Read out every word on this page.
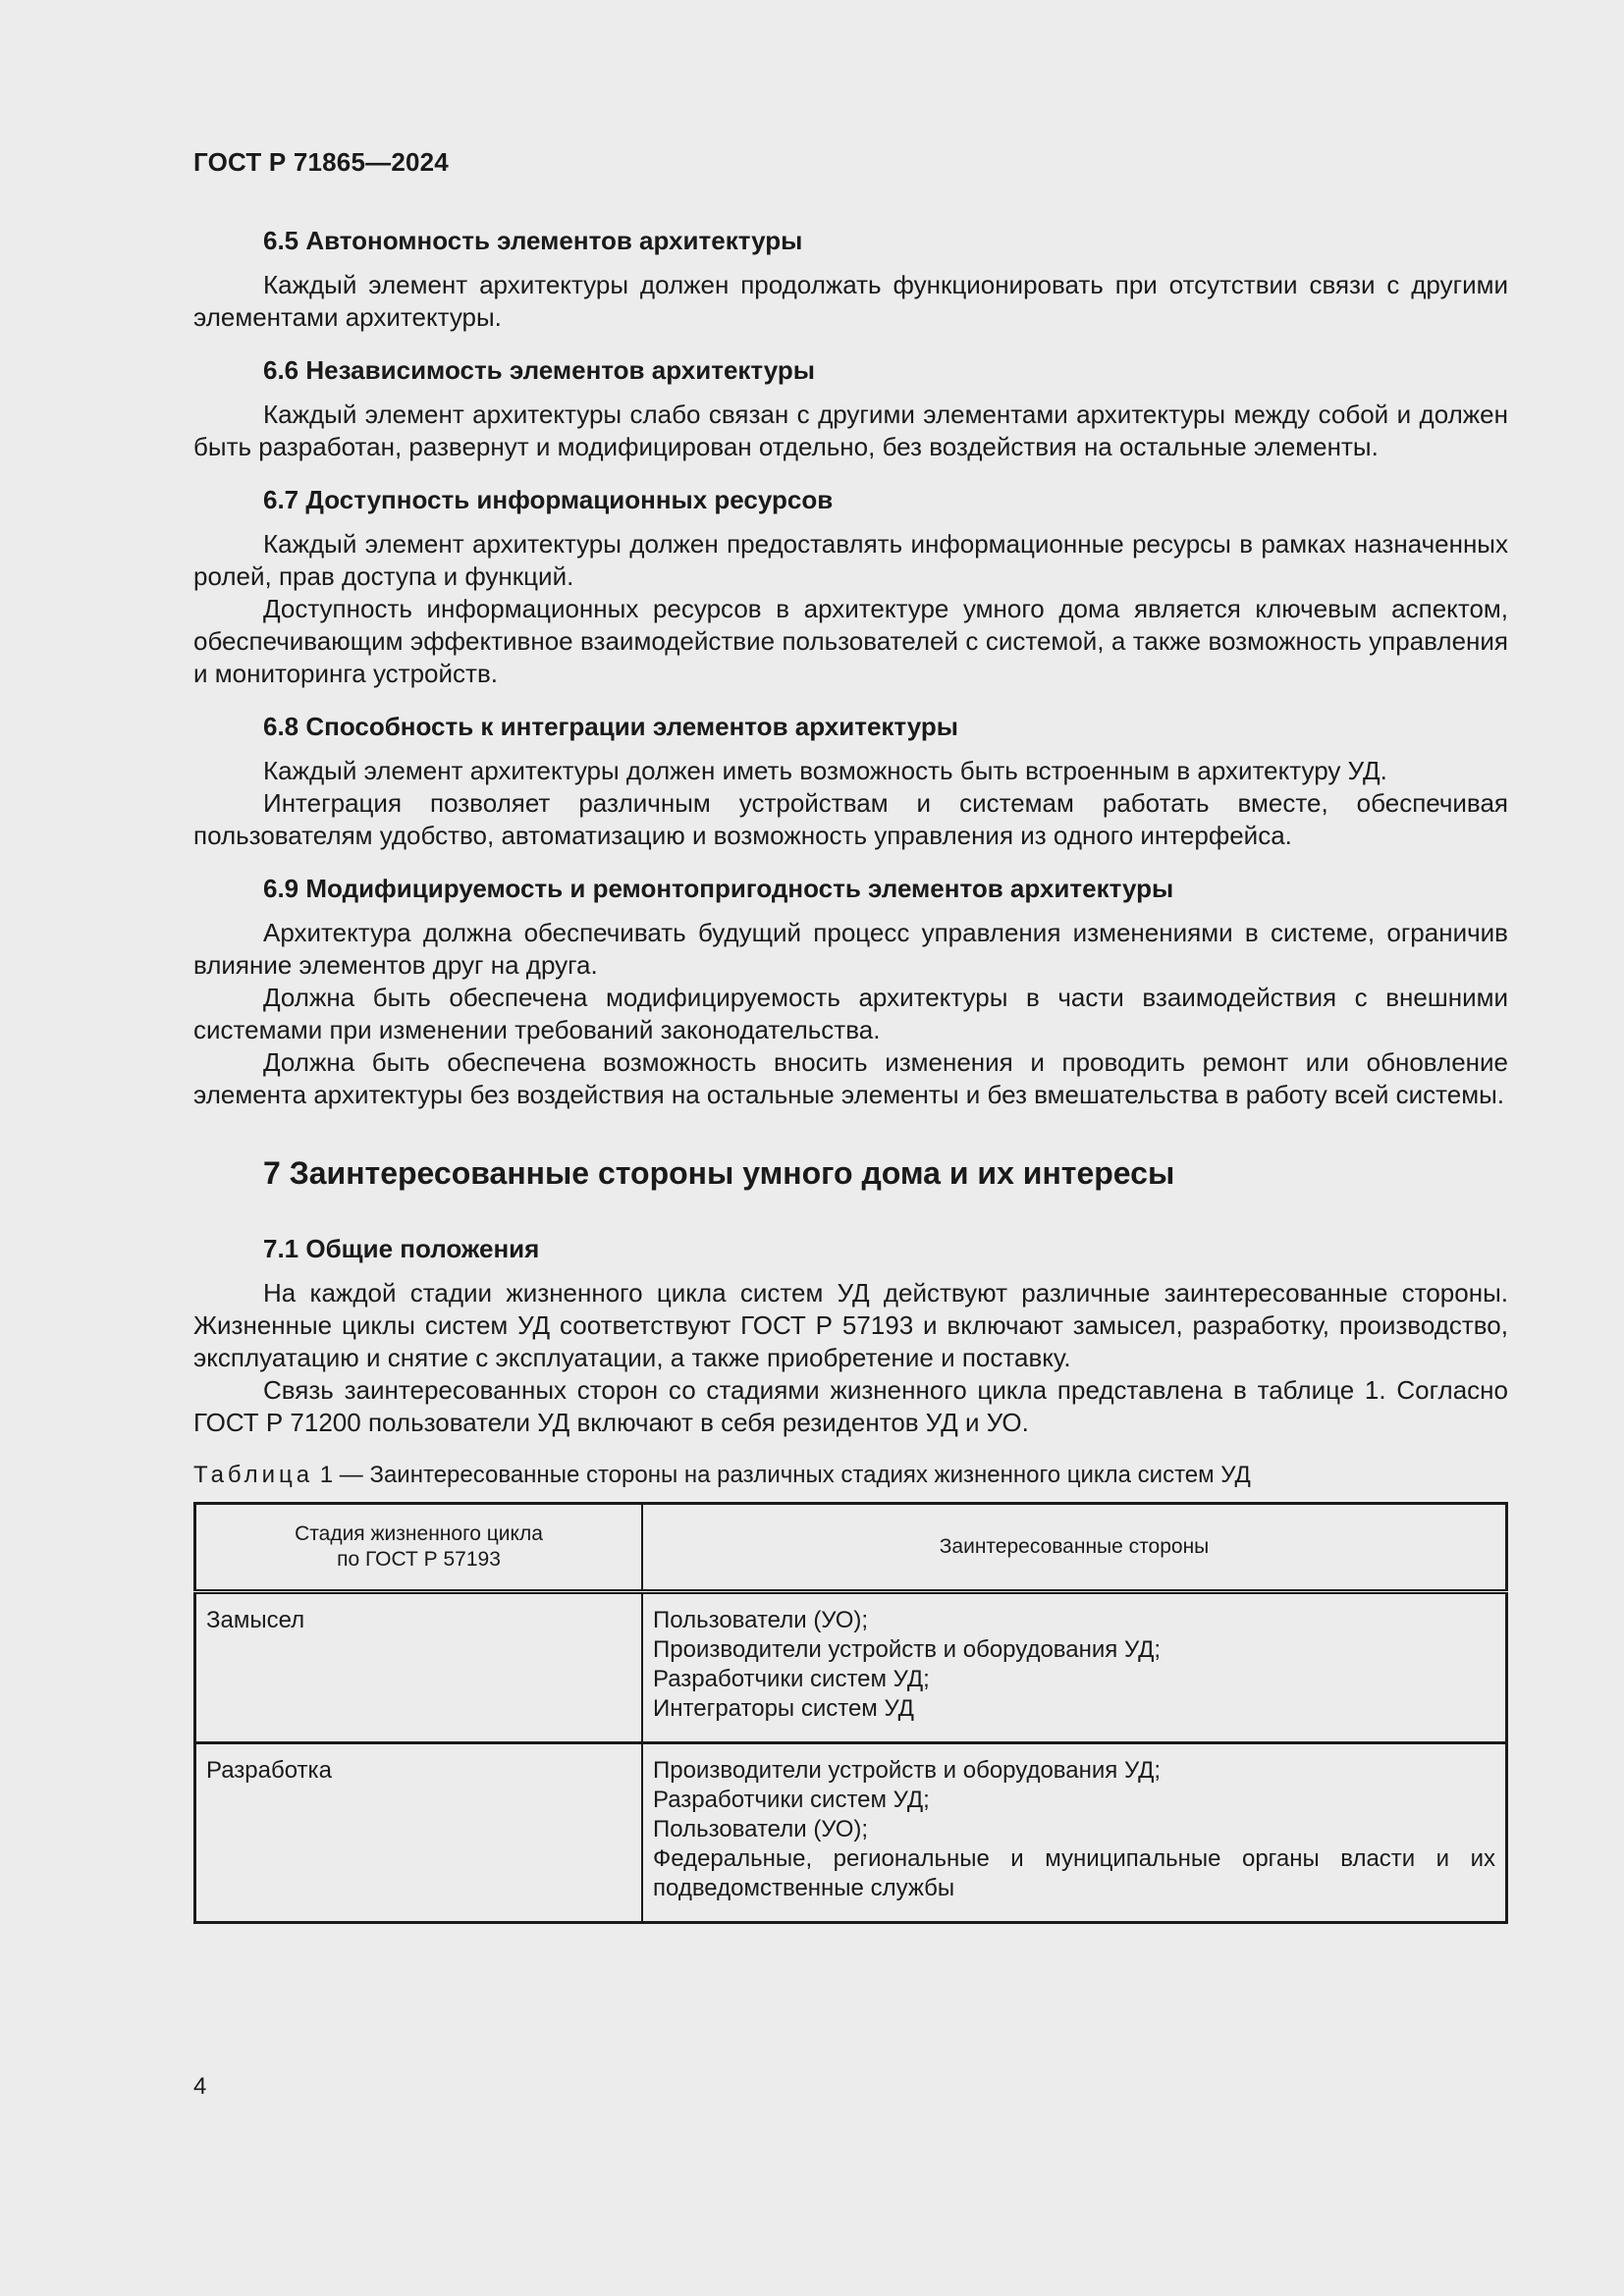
ГОСТ Р 71865—2024
6.5 Автономность элементов архитектуры

Каждый элемент архитектуры должен продолжать функционировать при отсутствии связи с другими элементами архитектуры.

6.6 Независимость элементов архитектуры

Каждый элемент архитектуры слабо связан с другими элементами архитектуры между собой и должен быть разработан, развернут и модифицирован отдельно, без воздействия на остальные элементы.

6.7 Доступность информационных ресурсов

Каждый элемент архитектуры должен предоставлять информационные ресурсы в рамках назначенных ролей, прав доступа и функций.

Доступность информационных ресурсов в архитектуре умного дома является ключевым аспектом, обеспечивающим эффективное взаимодействие пользователей с системой, а также возможность управления и мониторинга устройств.

6.8 Способность к интеграции элементов архитектуры

Каждый элемент архитектуры должен иметь возможность быть встроенным в архитектуру УД.

Интеграция позволяет различным устройствам и системам работать вместе, обеспечивая пользователям удобство, автоматизацию и возможность управления из одного интерфейса.

6.9 Модифицируемость и ремонтопригодность элементов архитектуры

Архитектура должна обеспечивать будущий процесс управления изменениями в системе, ограничив влияние элементов друг на друга.

Должна быть обеспечена модифицируемость архитектуры в части взаимодействия с внешними системами при изменении требований законодательства.

Должна быть обеспечена возможность вносить изменения и проводить ремонт или обновление элемента архитектуры без воздействия на остальные элементы и без вмешательства в работу всей системы.

7 Заинтересованные стороны умного дома и их интересы
7.1 Общие положения

На каждой стадии жизненного цикла систем УД действуют различные заинтересованные стороны. Жизненные циклы систем УД соответствуют ГОСТ Р 57193 и включают замысел, разработку, производство, эксплуатацию и снятие с эксплуатации, а также приобретение и поставку.

Связь заинтересованных сторон со стадиями жизненного цикла представлена в таблице 1. Согласно ГОСТ Р 71200 пользователи УД включают в себя резидентов УД и УО.

Таблица 1 — Заинтересованные стороны на различных стадиях жизненного цикла систем УД
Стадия жизненного цикла
по ГОСТ Р 57193	Заинтересованные стороны
Замысел	Пользователи (УО);
Производители устройств и оборудования УД;
Разработчики систем УД;
Интеграторы систем УД

Разработка	Производители устройств и оборудования УД;
Разработчики систем УД;
Пользователи (УО);
Федеральные, региональные и муниципальные органы власти и их подведомственные службы
4
